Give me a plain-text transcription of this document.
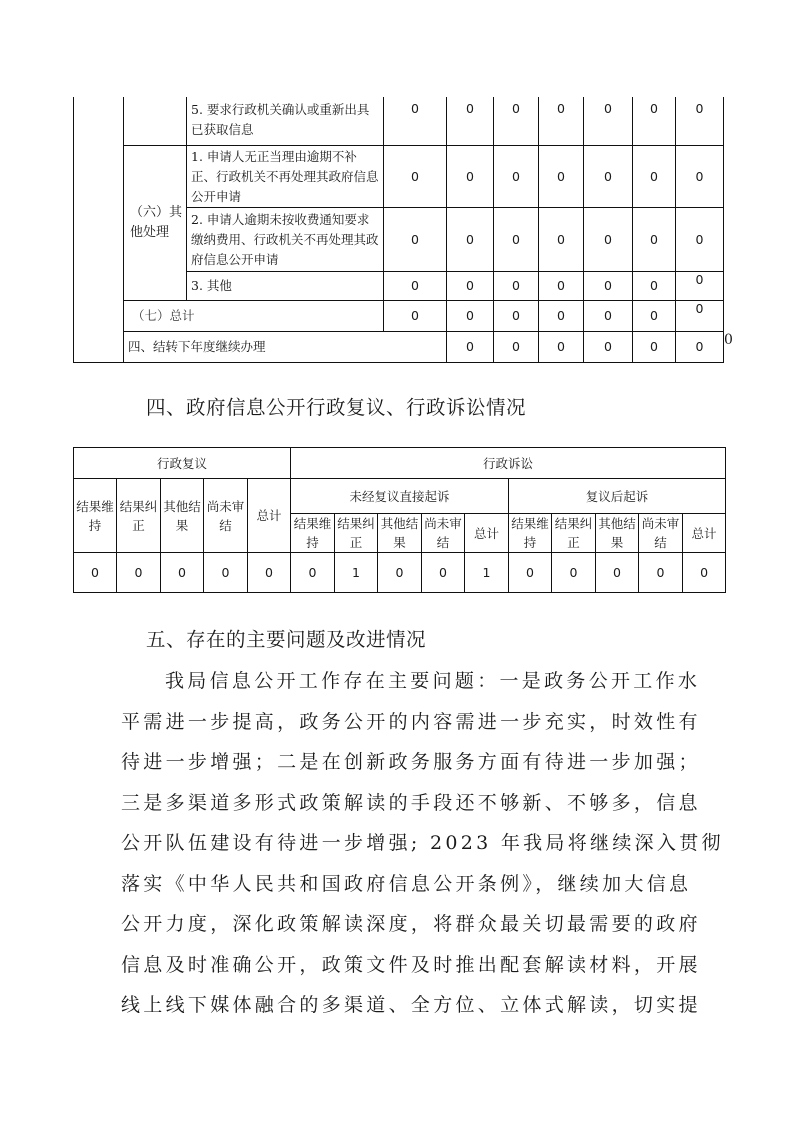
		5. 要求行政机关确认或重新出具已获取信息	0	0	0	0	0	0	0	
	（六）其他处理	1. 申请人无正当理由逾期不补正、行政机关不再处理其政府信息公开申请	0	0	0	0	0	0	0	
		2. 申请人逾期未按收费通知要求缴纳费用、行政机关不再处理其政府信息公开申请	0	0	0	0	0	0	0	
		3. 其他	0	0	0	0	0	0	0	
	（七）总计		0	0	0	0	0	0	0	
	四、结转下年度继续办理			0	0	0	0	0	0	0
四、政府信息公开行政复议、行政诉讼情况
行政复议					行政诉讼									
结果维持	结果纠正	其他结果	尚未审结	总计	未经复议直接起诉					复议后起诉				
					结果维持	结果纠正	其他结果	尚未审结	总计	结果维持	结果纠正	其他结果	尚未审结	总计
0	0	0	0	0	0	1	0	0	1	0	0	0	0	0
五、存在的主要问题及改进情况
我局信息公开工作存在主要问题：一是政务公开工作水
平需进一步提高，政务公开的内容需进一步充实，时效性有
待进一步增强；二是在创新政务服务方面有待进一步加强；
三是多渠道多形式政策解读的手段还不够新、不够多，信息
公开队伍建设有待进一步增强; 2023 年我局将继续深入贯彻
落实《中华人民共和国政府信息公开条例》，继续加大信息
公开力度，深化政策解读深度，将群众最关切最需要的政府
信息及时准确公开，政策文件及时推出配套解读材料，开展
线上线下媒体融合的多渠道、全方位、立体式解读，切实提
